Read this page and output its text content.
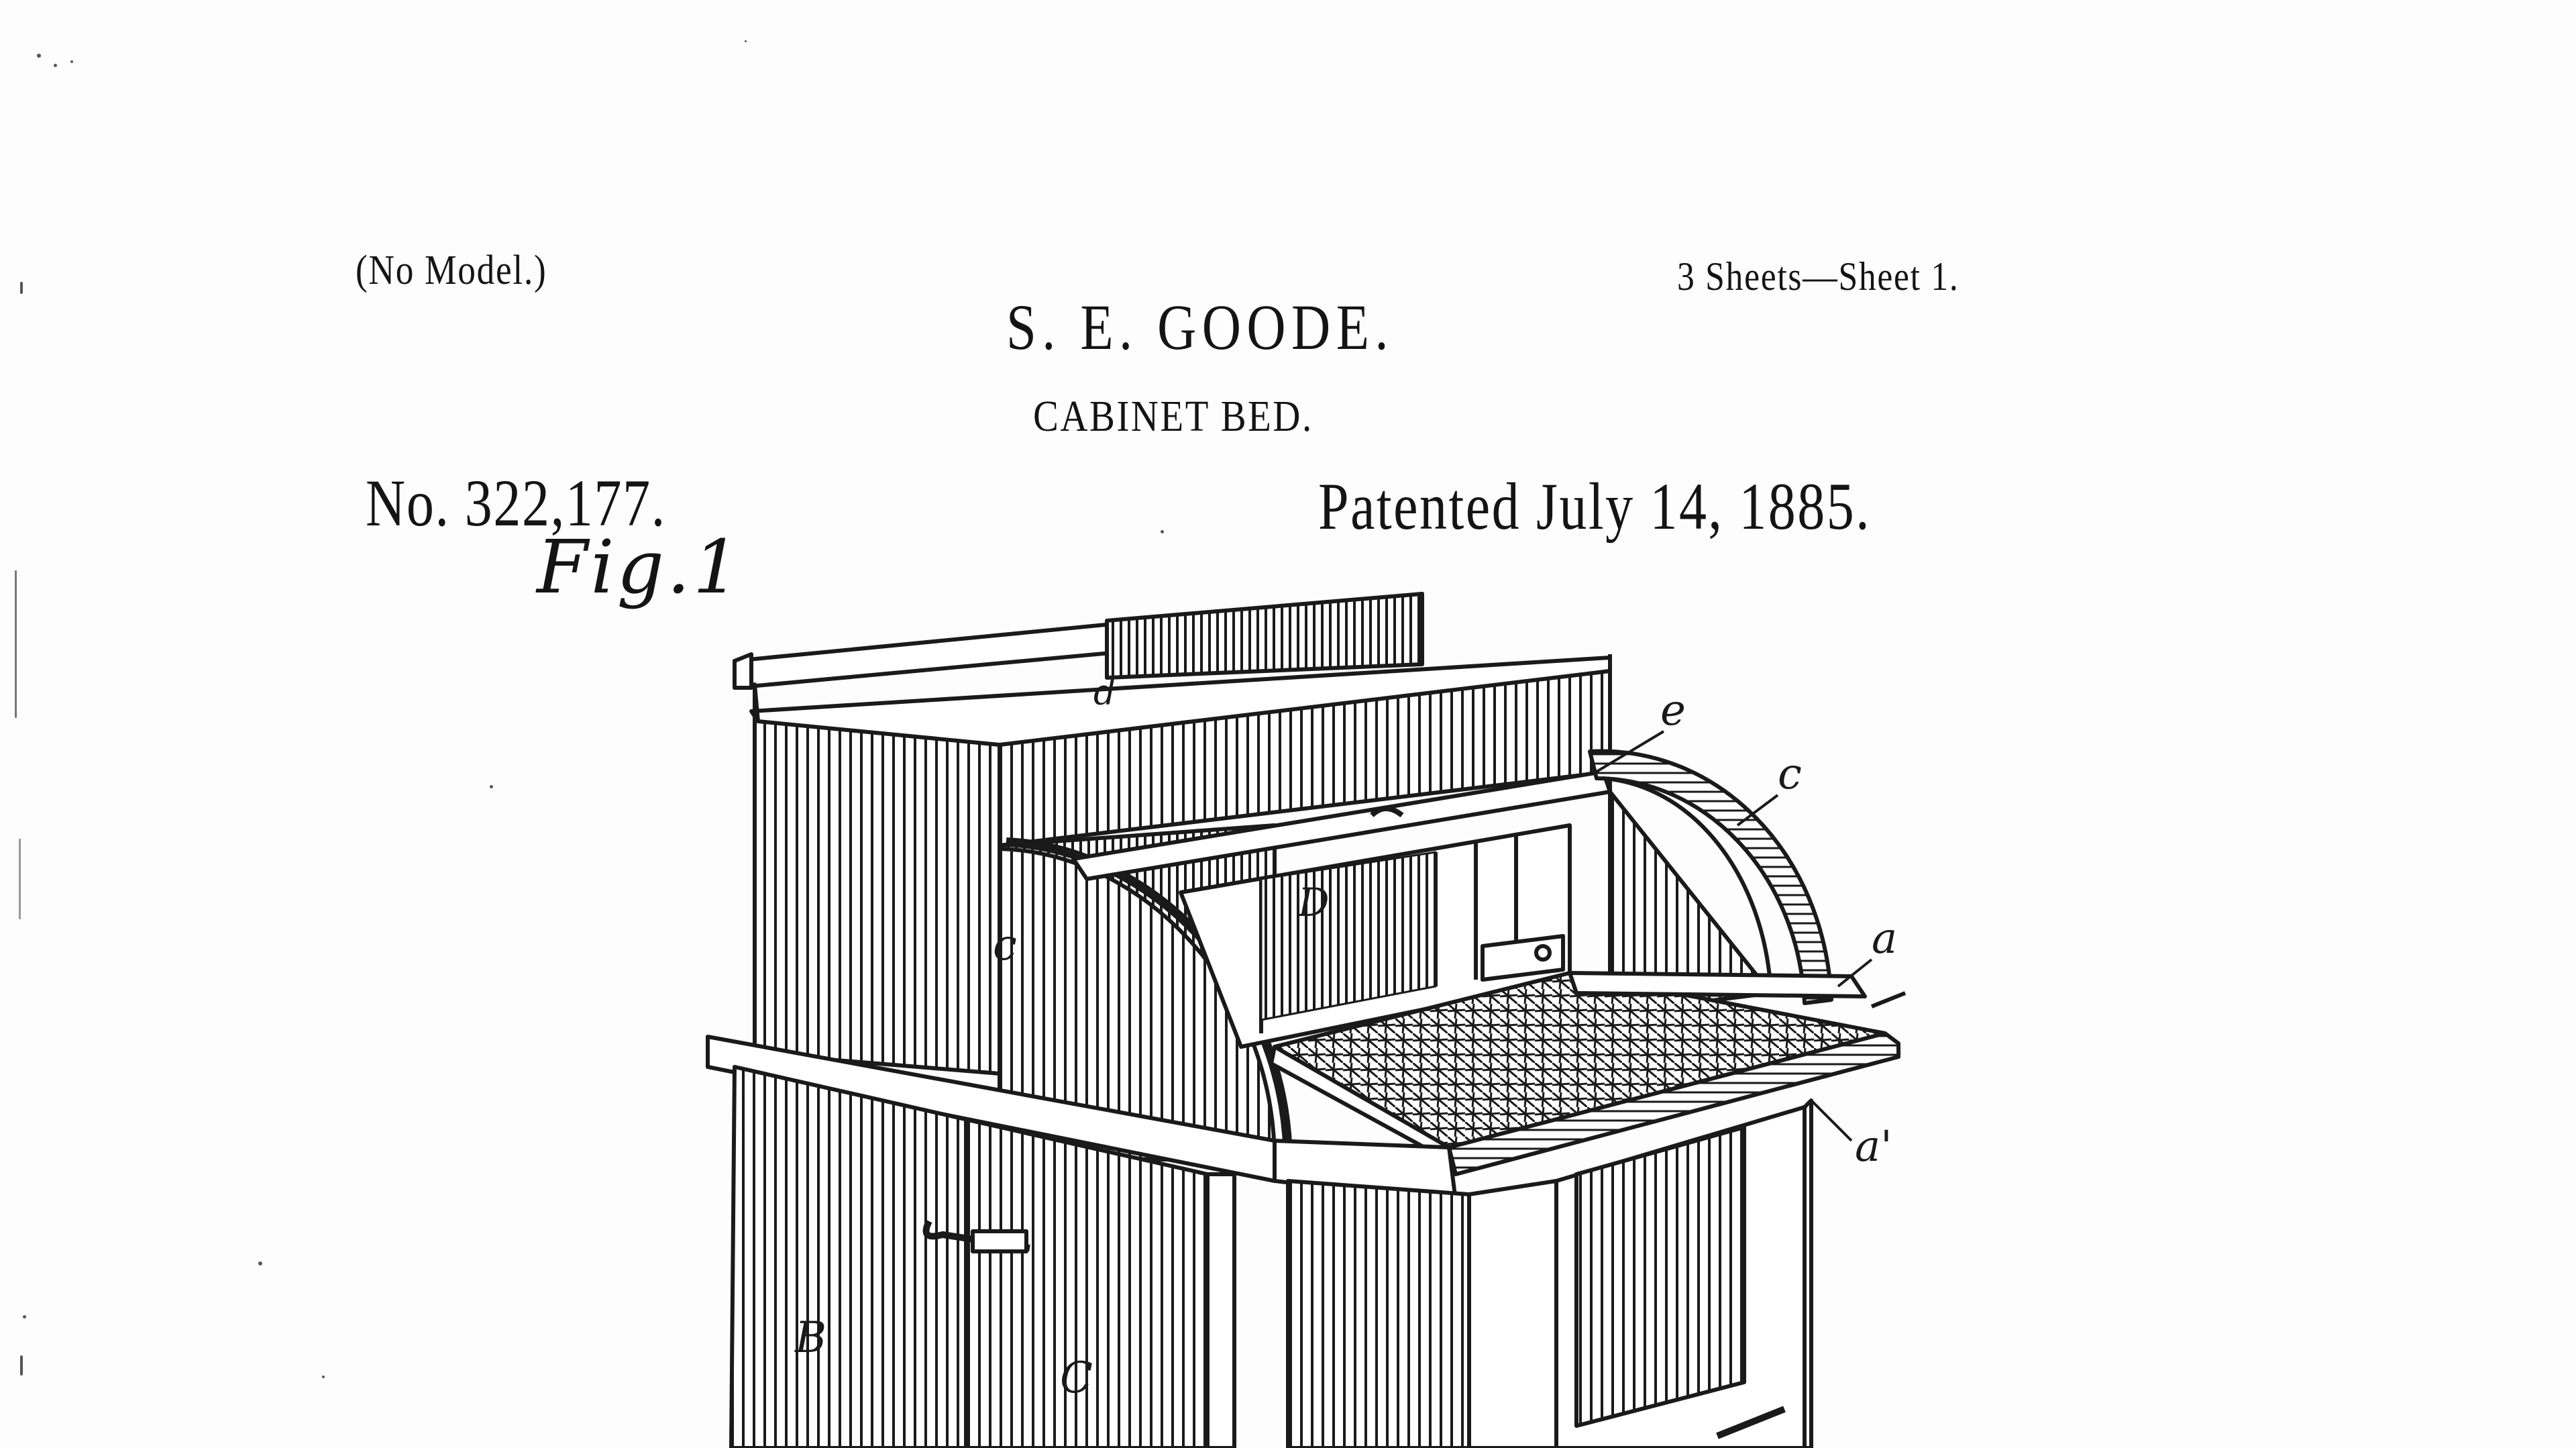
(No Model.)	3 Sheets—Sheet 1.
S. E. GOODE.
CABINET BED.
No. 322,177.	Patented July 14, 1885.
Fig.1
d	e
c
c	a
a'
D
B
C
